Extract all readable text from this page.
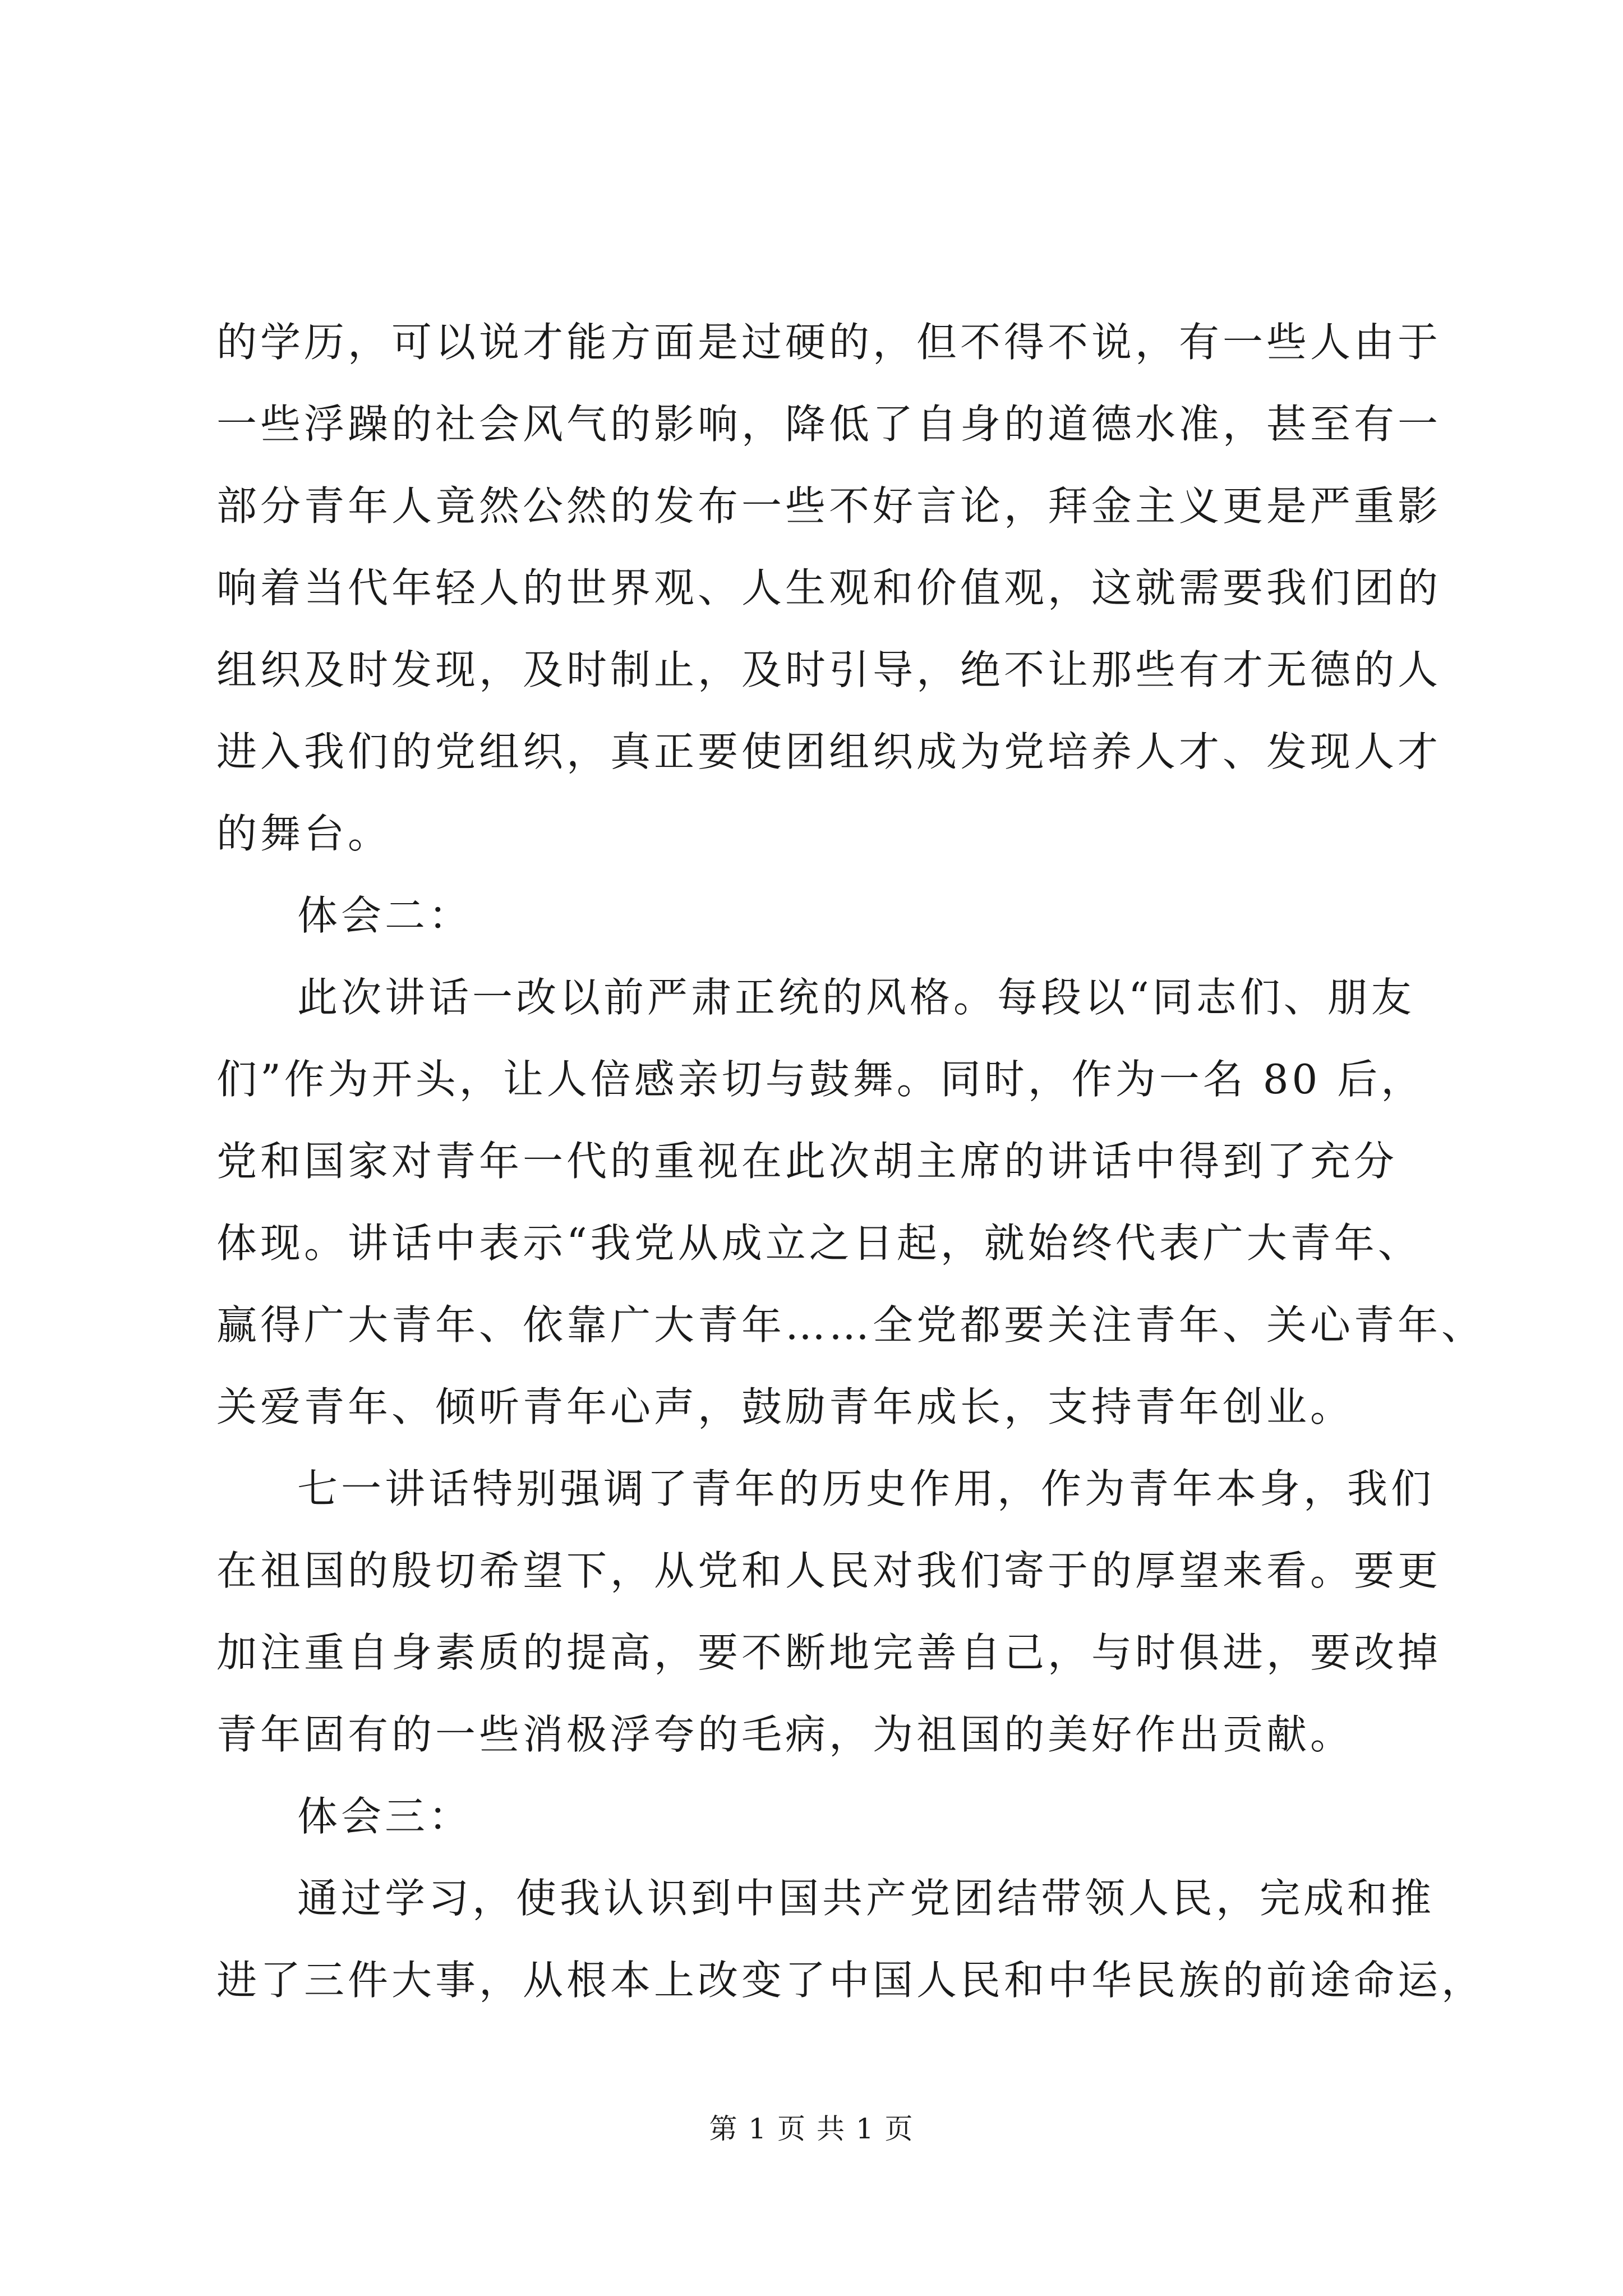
的学历，可以说才能方面是过硬的，但不得不说，有一些人由于
一些浮躁的社会风气的影响，降低了自身的道德水准，甚至有一
部分青年人竟然公然的发布一些不好言论，拜金主义更是严重影
响着当代年轻人的世界观、人生观和价值观，这就需要我们团的
组织及时发现，及时制止，及时引导，绝不让那些有才无德的人
进入我们的党组织，真正要使团组织成为党培养人才、发现人才
的舞台。
体会二：
此次讲话一改以前严肃正统的风格。每段以“同志们、朋友
们”作为开头，让人倍感亲切与鼓舞。同时，作为一名 80 后，
党和国家对青年一代的重视在此次胡主席的讲话中得到了充分
体现。讲话中表示“我党从成立之日起，就始终代表广大青年、
赢得广大青年、依靠广大青年……全党都要关注青年、关心青年、
关爱青年、倾听青年心声，鼓励青年成长，支持青年创业。
七一讲话特别强调了青年的历史作用，作为青年本身，我们
在祖国的殷切希望下，从党和人民对我们寄于的厚望来看。要更
加注重自身素质的提高，要不断地完善自己，与时俱进，要改掉
青年固有的一些消极浮夸的毛病，为祖国的美好作出贡献。
体会三：
通过学习，使我认识到中国共产党团结带领人民，完成和推
进了三件大事，从根本上改变了中国人民和中华民族的前途命运，
第 1 页 共 1 页
